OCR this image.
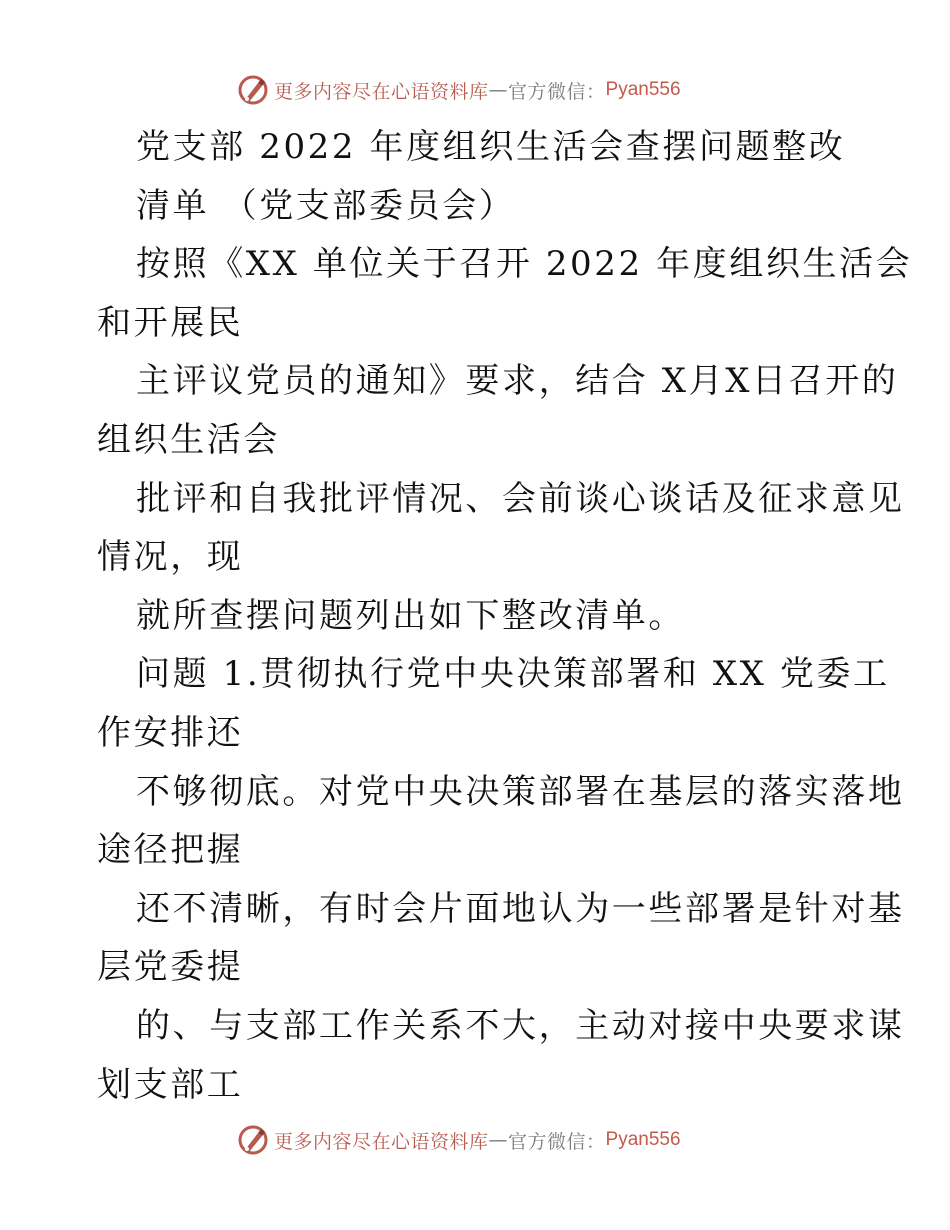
更多内容尽在心语资料库 — 官方微信： Pyan556
党支部 2022 年度组织生活会查摆问题整改
清单 （党支部委员会）
按照《XX 单位关于召开 2022 年度组织生活会
和开展民
主评议党员的通知》要求，结合 X月X日召开的
组织生活会
批评和自我批评情况、会前谈心谈话及征求意见
情况，现
就所查摆问题列出如下整改清单。
问题 1.贯彻执行党中央决策部署和 XX 党委工
作安排还
不够彻底。对党中央决策部署在基层的落实落地
途径把握
还不清晰，有时会片面地认为一些部署是针对基
层党委提
的、与支部工作关系不大，主动对接中央要求谋
划支部工
更多内容尽在心语资料库 — 官方微信： Pyan556
